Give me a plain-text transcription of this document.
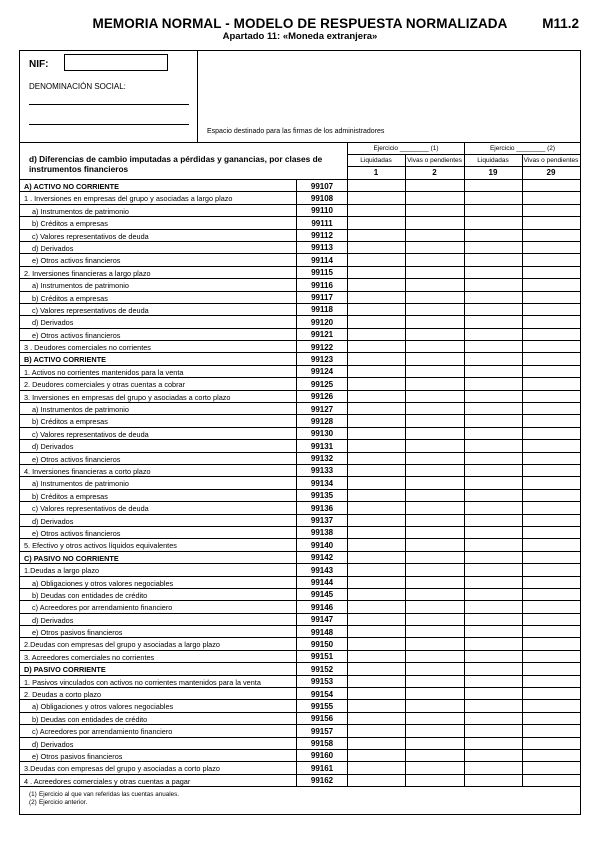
MEMORIA NORMAL - MODELO DE RESPUESTA NORMALIZADA
Apartado 11: «Moneda extranjera»
M11.2
NIF:
DENOMINACIÓN SOCIAL:
Espacio destinado para las firmas de los administradores
d) Diferencias de cambio imputadas a pérdidas y ganancias, por clases de instrumentos financieros
Ejercicio ________ (1)	Ejercicio ________ (2)
Liquidadas	Vivas o pendientes	Liquidadas	Vivas o pendientes
1	2	19	29
A) ACTIVO NO CORRIENTE	99107
1 . Inversiones en empresas del grupo y asociadas a largo plazo	99108
a) Instrumentos de patrimonio	99110
b) Créditos a empresas	99111
c) Valores representativos de deuda	99112
d) Derivados	99113
e) Otros activos financieros	99114
2. Inversiones financieras a largo plazo	99115
a) Instrumentos de patrimonio	99116
b) Créditos a empresas	99117
c) Valores representativos de deuda	99118
d) Derivados	99120
e) Otros activos financieros	99121
3 . Deudores comerciales no corrientes	99122
B) ACTIVO CORRIENTE	99123
1. Activos no corrientes mantenidos para la venta	99124
2. Deudores comerciales y otras cuentas a cobrar	99125
3. Inversiones en empresas del grupo y asociadas a corto plazo	99126
a) Instrumentos de patrimonio	99127
b) Créditos a empresas	99128
c) Valores representativos de deuda	99130
d) Derivados	99131
e) Otros activos financieros	99132
4. Inversiones financieras a corto plazo	99133
a) Instrumentos de patrimonio	99134
b) Créditos a empresas	99135
c) Valores representativos de deuda	99136
d) Derivados	99137
e) Otros activos financieros	99138
5. Efectivo y otros activos líquidos equivalentes	99140
C) PASIVO NO CORRIENTE	99142
1.Deudas a largo plazo	99143
a) Obligaciones y otros valores negociables	99144
b) Deudas con entidades de crédito	99145
c) Acreedores por arrendamiento financiero	99146
d) Derivados	99147
e) Otros pasivos financieros	99148
2.Deudas con empresas del grupo y asociadas a largo plazo	99150
3. Acreedores comerciales no corrientes	99151
D) PASIVO CORRIENTE	99152
1. Pasivos vinculados con activos no corrientes mantenidos para la venta	99153
2. Deudas a corto plazo	99154
a) Obligaciones y otros valores negociables	99155
b) Deudas con entidades de crédito	99156
c) Acreedores por arrendamiento financiero	99157
d) Derivados	99158
e) Otros pasivos financieros	99160
3.Deudas con empresas del grupo y asociadas a corto plazo	99161
4 . Acreedores comerciales y otras cuentas a pagar	99162
(1) Ejercicio al que van referidas las cuentas anuales.
(2) Ejercicio anterior.
